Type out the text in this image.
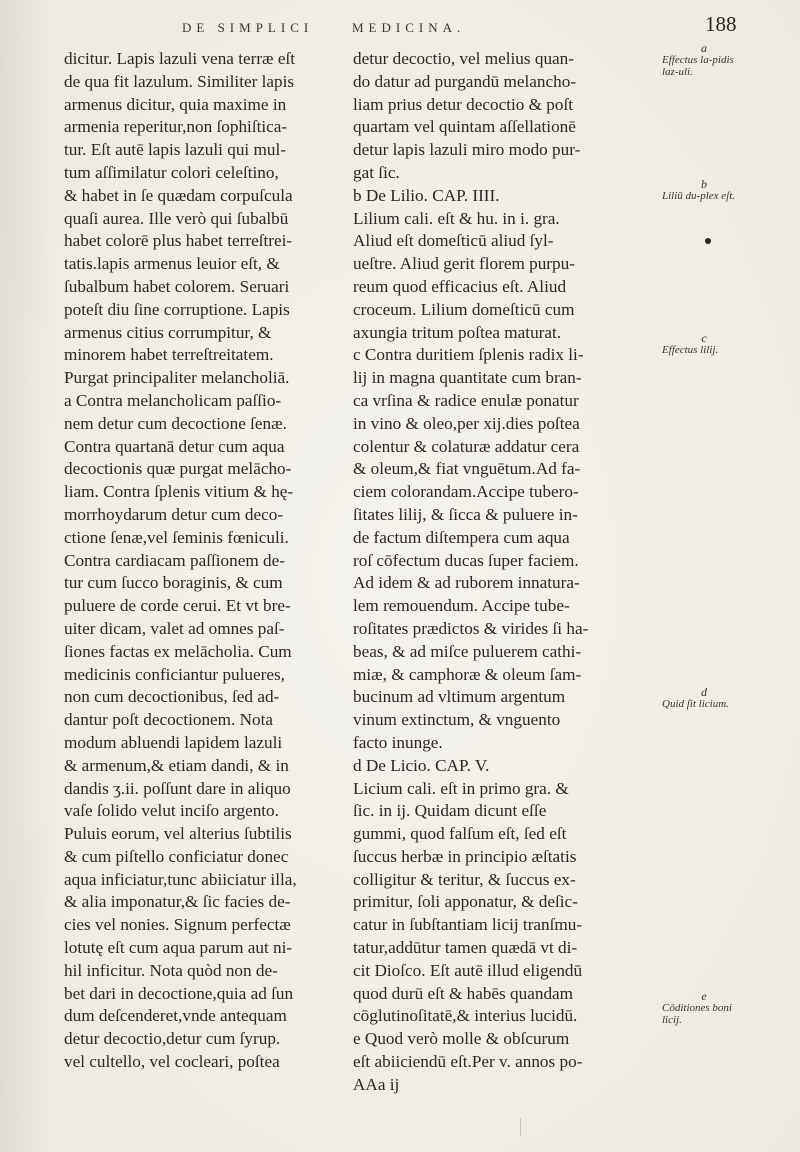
DE SIMPLICI	MEDICINA.	188
dicitur. Lapis lazuli vena terræ eſt
de qua fit lazulum. Similiter lapis
armenus dicitur, quia maxime in
armenia reperitur,non ſophiſtica-
tur. Eſt autē lapis lazuli qui mul-
tum aſſimilatur colori celeſtino,
& habet in ſe quædam corpuſcula
quaſi aurea. Ille verò qui ſubalbū
habet colorē plus habet terreſtrei-
tatis.lapis armenus leuior eſt, &
ſubalbum habet colorem. Seruari
poteſt diu ſine corruptione. Lapis
armenus citius corrumpitur, &
minorem habet terreſtreitatem.
Purgat principaliter melancholiā.
a Contra melancholicam paſſio-
nem detur cum decoctione ſenæ.
Contra quartanā detur cum aqua
decoctionis quæ purgat melācho-
liam. Contra ſplenis vitium & hę-
morrhoydarum detur cum deco-
ctione ſenæ,vel ſeminis fœniculi.
Contra cardiacam paſſionem de-
tur cum ſucco boraginis, & cum
puluere de corde cerui. Et vt bre-
uiter dicam, valet ad omnes paſ-
ſiones factas ex melācholia. Cum
medicinis conficiantur pulueres,
non cum decoctionibus, ſed ad-
dantur poſt decoctionem. Nota
modum abluendi lapidem lazuli
& armenum,& etiam dandi, & in
dandis ʒ.ii. poſſunt dare in aliquo
vaſe ſolido velut inciſo argento.
Puluis eorum, vel alterius ſubtilis
& cum piſtello conficiatur donec
aqua inficiatur,tunc abiiciatur illa,
& alia imponatur,& ſic facies de-
cies vel nonies. Signum perfectæ
lotutę eſt cum aqua parum aut ni-
hil inficitur. Nota quòd non de-
bet dari in decoctione,quia ad ſun
dum deſcenderet,vnde antequam
detur decoctio,detur cum ſyrup.
vel cultello, vel cocleari, poſtea
detur decoctio, vel melius quan-
do datur ad purgandū melancho-
liam prius detur decoctio & poſt
quartam vel quintam aſſellationē
detur lapis lazuli miro modo pur-
gat ſic.
b De Lilio. CAP. IIII.
Lilium cali. eſt & hu. in i. gra.
Aliud eſt domeſticū aliud ſyl-
ueſtre. Aliud gerit florem purpu-
reum quod efficacius eſt. Aliud
croceum. Lilium domeſticū cum
axungia tritum poſtea maturat.
c Contra duritiem ſplenis radix li-
lij in magna quantitate cum bran-
ca vrſina & radice enulæ ponatur
in vino & oleo,per xij.dies poſtea
colentur & colaturæ addatur cera
& oleum,& fiat vnguētum.Ad fa-
ciem colorandam.Accipe tubero-
ſitates lilij, & ſicca & puluere in-
de factum diſtempera cum aqua
roſ cōfectum ducas ſuper faciem.
Ad idem & ad ruborem innatura-
lem remouendum. Accipe tube-
roſitates prædictos & virides ſi ha-
beas, & ad miſce puluerem cathi-
miæ, & camphoræ & oleum ſam-
bucinum ad vltimum argentum
vinum extinctum, & vnguento
facto inunge.
d De Licio. CAP. V.
Licium cali. eſt in primo gra. &
ſic. in ij. Quidam dicunt eſſe
gummi, quod falſum eſt, ſed eſt
ſuccus herbæ in principio æſtatis
colligitur & teritur, & ſuccus ex-
primitur, ſoli apponatur, & deſic-
catur in ſubſtantiam licij tranſmu-
tatur,addūtur tamen quædā vt di-
cit Dioſco. Eſt autē illud eligendū
quod durū eſt & habēs quandam
cōglutinoſitatē,& interius lucidū.
e Quod verò molle & obſcurum
eſt abiiciendū eſt.Per v. annos po-
AAa ij
a
Effectus la-pidis laz-uli.
b
Liliū du-plex eſt.
c
Effectus lilij.
d
Quid ſit licium.
e
Cōditiones boni licij.
